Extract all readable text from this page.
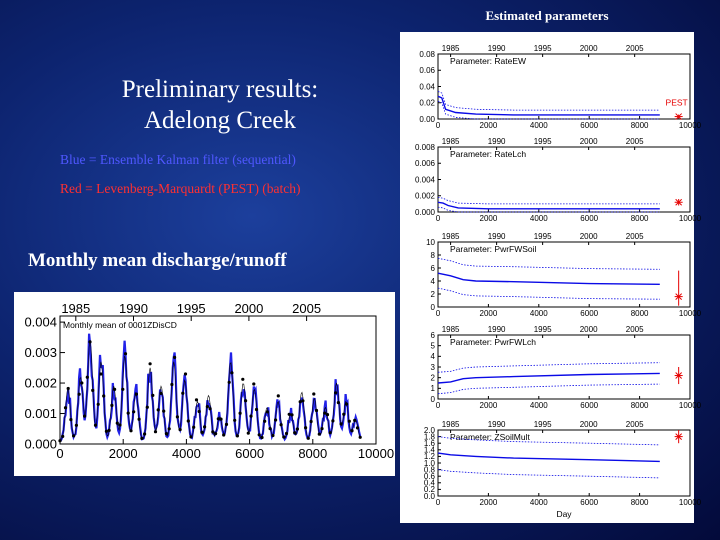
Estimated parameters
Preliminary results:
Adelong Creek
Blue = Ensemble Kalman filter (sequential)
Red = Levenberg-Marquardt (PEST) (batch)
Monthly mean discharge/runoff
0	2000	4000	6000	8000 10000
0.000
0.001
0.002
0.003
0.004
1985 1990 1995 2000 2005
Monthly mean of 0001ZDisCD
0	2000	4000	6000	8000	10000
0.00
0.02
0.04
0.06
0.08
1985	1990	1995	2000	2005
Parameter: RateEW
PEST
0	2000	4000	6000	8000	10000
0.000
0.002
0.004
0.006
0.008
1985	1990	1995	2000	2005
Parameter: RateLch
0	2000	4000	6000	8000	10000
0
2
4
6
8
10
1985	1990	1995	2000	2005
Parameter: PwrFWSoil
0	2000	4000	6000	8000	10000
0
1
2
3
4
5
6
1985	1990	1995	2000	2005
Parameter: PwrFWLch
0	2000	4000	6000	8000	10000
0.0
0.2
0.4
0.6
0.8
1.0
1.2
1.4
1.6
1.8
2.0
1985	1990	1995	2000	2005
Parameter: ZSoilMult
Day
